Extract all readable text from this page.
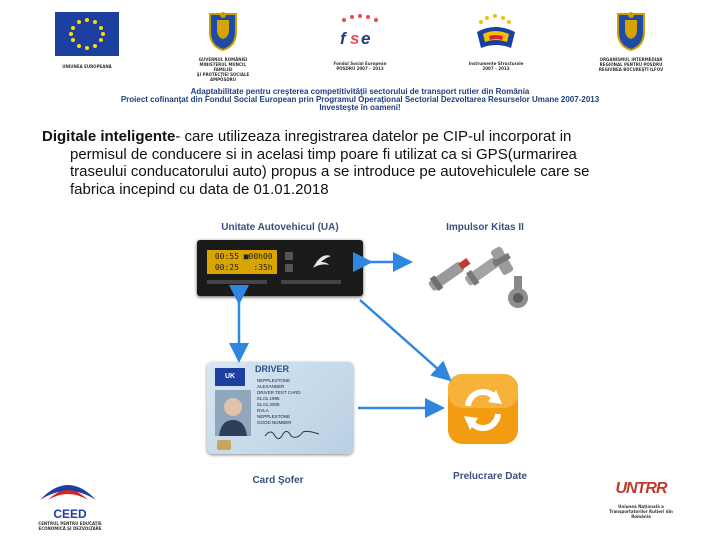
UNIUNEA EUROPEANĂ
GUVERNUL ROMÂNIEI
MINISTERUL MUNCII, FAMILIEI
ŞI PROTECŢIEI SOCIALE
AMPOSDRU
f s e
Fondul Social European
POSDRU 2007 – 2013
Instrumente Structurale
2007 – 2013
ORGANISMUL INTERMEDIAR
REGIONAL PENTRU POSDRU
REGIUNEA BUCUREŞTI ILFOV
Adaptabilitate pentru creşterea competitivităţii sectorului de transport rutier din România
Proiect cofinanţat din Fondul Social European prin Programul Operaţional Sectorial Dezvoltarea Resurselor Umane 2007-2013
Investeşte în oameni!
Digitale inteligente- care utilizeaza inregistrarea datelor pe CIP-ul incorporat in
permisul de conducere si in acelasi timp poare fi utilizat ca si GPS(urmarirea
traseului conducatorului auto) propus a se introduce pe autovehiculele care se
fabrica incepind cu data de 01.01.2018
Unitate Autovehicul (UA)	Impulsor Kitas II
Card Şofer	Prelucrare Date
00:55 ■00h00
00:25   :35h
UK
DRIVER
NEPPLESTONE
ALEXANDER
DRIVER TEST CARD
01.01.1995
01.01.2008
DVLA
NEPPLESTONE
GOOD NUMBER
CEED
CENTRUL PENTRU EDUCAŢIE
ECONOMICĂ ŞI DEZVOLTARE
UNTRR
Uniunea Naţională a
Transportatorilor Rutieri din
România
